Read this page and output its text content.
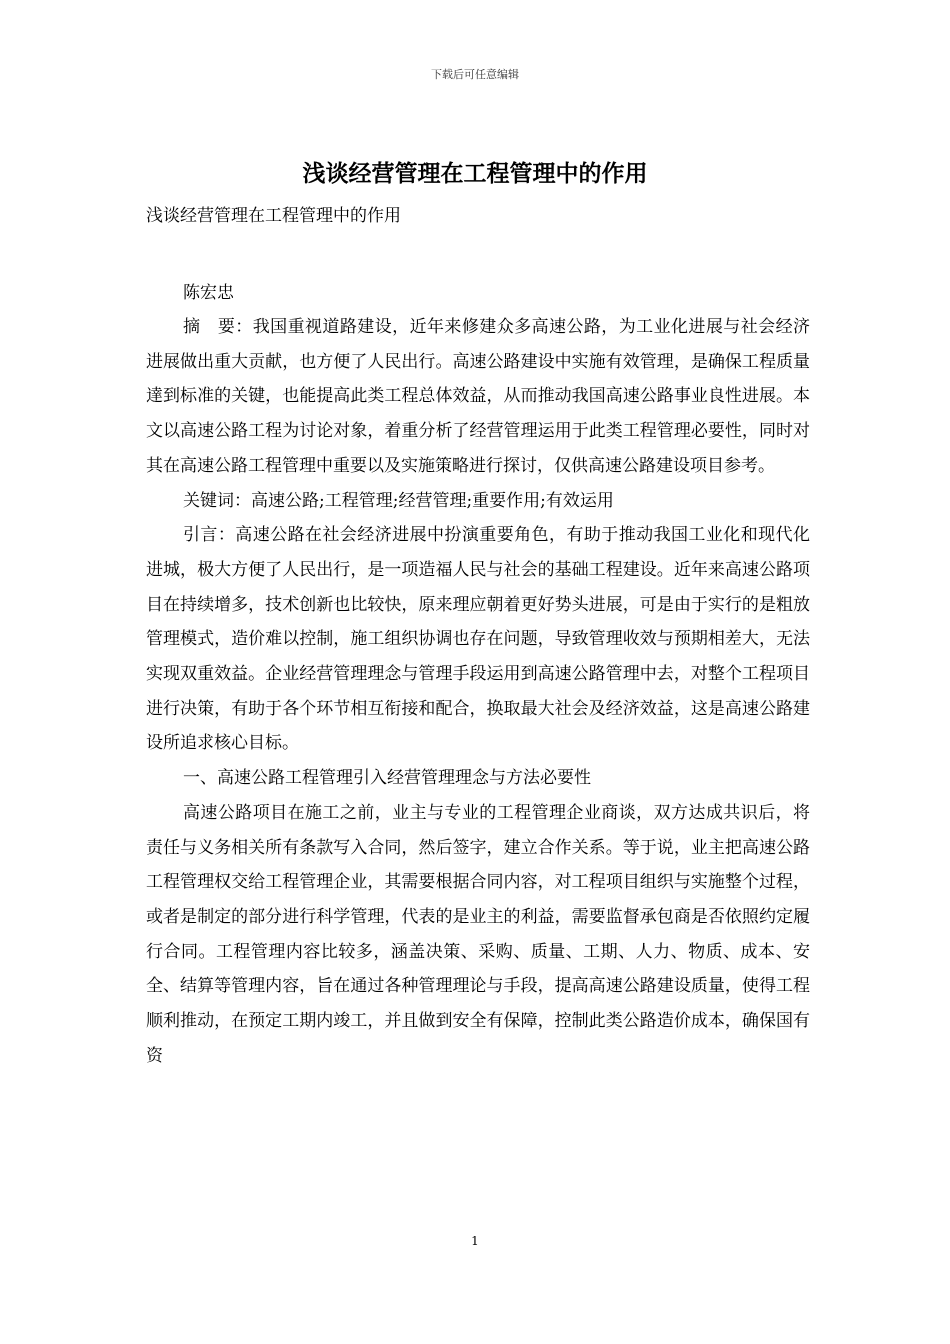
下载后可任意编辑
浅谈经营管理在工程管理中的作用
浅谈经营管理在工程管理中的作用
陈宏忠

摘　要：我国重视道路建设，近年来修建众多高速公路，为工业化进展与社会经济进展做出重大贡献，也方便了人民出行。高速公路建设中实施有效管理，是确保工程质量達到标准的关键，也能提高此类工程总体效益，从而推动我国高速公路事业良性进展。本文以高速公路工程为讨论对象，着重分析了经营管理运用于此类工程管理必要性，同时对其在高速公路工程管理中重要以及实施策略进行探讨，仅供高速公路建设项目参考。

关键词：高速公路;工程管理;经营管理;重要作用;有效运用

引言：高速公路在社会经济进展中扮演重要角色，有助于推动我国工业化和现代化进城，极大方便了人民出行，是一项造福人民与社会的基础工程建设。近年来高速公路项目在持续增多，技术创新也比较快，原来理应朝着更好势头进展，可是由于实行的是粗放管理模式，造价难以控制，施工组织协调也存在问题，导致管理收效与预期相差大，无法实现双重效益。企业经营管理理念与管理手段运用到高速公路管理中去，对整个工程项目进行决策，有助于各个环节相互衔接和配合，换取最大社会及经济效益，这是高速公路建设所追求核心目标。

一、高速公路工程管理引入经营管理理念与方法必要性

高速公路项目在施工之前，业主与专业的工程管理企业商谈，双方达成共识后，将责任与义务相关所有条款写入合同，然后签字，建立合作关系。等于说，业主把高速公路工程管理权交给工程管理企业，其需要根据合同内容，对工程项目组织与实施整个过程，或者是制定的部分进行科学管理，代表的是业主的利益，需要监督承包商是否依照约定履行合同。工程管理内容比较多，涵盖决策、采购、质量、工期、人力、物质、成本、安全、结算等管理内容，旨在通过各种管理理论与手段，提高高速公路建设质量，使得工程顺利推动，在预定工期内竣工，并且做到安全有保障，控制此类公路造价成本，确保国有资

1
